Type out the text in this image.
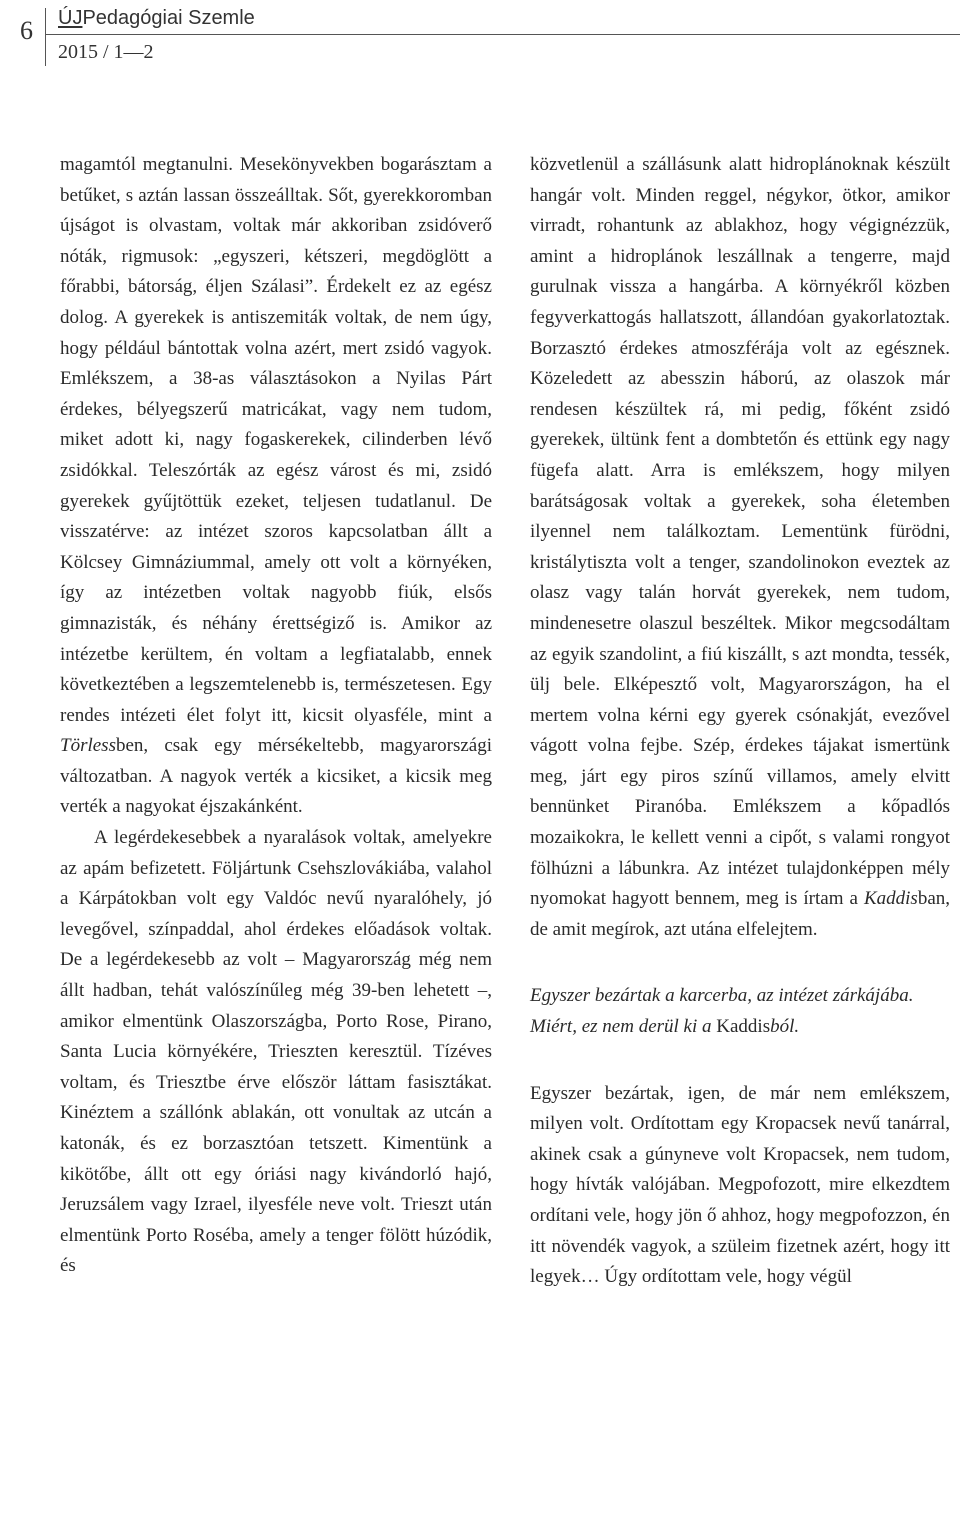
6 ÚJPedagógiai Szemle
2015 / 1—2

magamtól megtanulni. Mesekönyvekben bogarásztam a betűket, s aztán lassan összeálltak. Sőt, gyerekkoromban újságot is olvastam, voltak már akkoriban zsidóverő nóták, rigmusok: „egyszeri, kétszeri, megdöglött a főrabbi, bátorság, éljen Szálasi”. Érdekelt ez az egész dolog. A gyerekek is antiszemiták voltak, de nem úgy, hogy például bántottak volna azért, mert zsidó vagyok. Emlékszem, a 38-as választásokon a Nyilas Párt érdekes, bélyegszerű matricákat, vagy nem tudom, miket adott ki, nagy fogaskerekek, cilinderben lévő zsidókkal. Teleszórták az egész várost és mi, zsidó gyerekek gyűjtöttük ezeket, teljesen tudatlanul. De visszatérve: az intézet szoros kapcsolatban állt a Kölcsey Gimnáziummal, amely ott volt a környéken, így az intézetben voltak nagyobb fiúk, elsős gimnazisták, és néhány érettségiző is. Amikor az intézetbe kerültem, én voltam a legfiatalabb, ennek következtében a legszemtelenebb is, természetesen. Egy rendes intézeti élet folyt itt, kicsit olyasféle, mint a Törlessben, csak egy mérsékeltebb, magyarországi változatban. A nagyok verték a kicsiket, a kicsik meg verték a nagyokat éjszakánként.

A legérdekesebbek a nyaralások voltak, amelyekre az apám befizetett. Följártunk Csehszlovákiába, valahol a Kárpátokban volt egy Valdóc nevű nyaralóhely, jó levegővel, színpaddal, ahol érdekes előadások voltak. De a legérdekesebb az volt – Magyarország még nem állt hadban, tehát valószínűleg még 39-ben lehetett –, amikor elmentünk Olaszországba, Porto Rose, Pirano, Santa Lucia környékére, Trieszten keresztül. Tízéves voltam, és Triesztbe érve először láttam fasisztákat. Kinéztem a szállónk ablakán, ott vonultak az utcán a katonák, és ez borzasztóan tetszett. Kimentünk a kikötőbe, állt ott egy óriási nagy kivándorló hajó, Jeruzsálem vagy Izrael, ilyesféle neve volt. Trieszt után elmentünk Porto Roséba, amely a tenger fölött húzódik, és

közvetlenül a szállásunk alatt hidroplánoknak készült hangár volt. Minden reggel, négykor, ötkor, amikor virradt, rohantunk az ablakhoz, hogy végignézzük, amint a hidroplánok leszállnak a tengerre, majd gurulnak vissza a hangárba. A környékről közben fegyverkattogás hallatszott, állandóan gyakorlatoztak. Borzasztó érdekes atmoszférája volt az egésznek. Közeledett az abesszin háború, az olaszok már rendesen készültek rá, mi pedig, főként zsidó gyerekek, ültünk fent a dombtetőn és ettünk egy nagy fügefa alatt. Arra is emlékszem, hogy milyen barátságosak voltak a gyerekek, soha életemben ilyennel nem találkoztam. Lementünk fürödni, kristálytiszta volt a tenger, szandolinokon eveztek az olasz vagy talán horvát gyerekek, nem tudom, mindenesetre olaszul beszéltek. Mikor megcsodáltam az egyik szandolint, a fiú kiszállt, s azt mondta, tessék, ülj bele. Elképesztő volt, Magyarországon, ha el mertem volna kérni egy gyerek csónakját, evezővel vágott volna fejbe. Szép, érdekes tájakat ismertünk meg, járt egy piros színű villamos, amely elvitt bennünket Piranóba. Emlékszem a kőpadlós mozaikokra, le kellett venni a cipőt, s valami rongyot fölhúzni a lábunkra. Az intézet tulajdonképpen mély nyomokat hagyott bennem, meg is írtam a Kaddisban, de amit megírok, azt utána elfelejtem.

Egyszer bezártak a karcerba, az intézet zárkájába. Miért, ez nem derül ki a Kaddisból.

Egyszer bezártak, igen, de már nem emlékszem, milyen volt. Ordítottam egy Kropacsek nevű tanárral, akinek csak a gúnyneve volt Kropacsek, nem tudom, hogy hívták valójában. Megpofozott, mire elkezdtem ordítani vele, hogy jön ő ahhoz, hogy megpofozzon, én itt növendék vagyok, a szüleim fizetnek azért, hogy itt legyek… Úgy ordítottam vele, hogy végül
